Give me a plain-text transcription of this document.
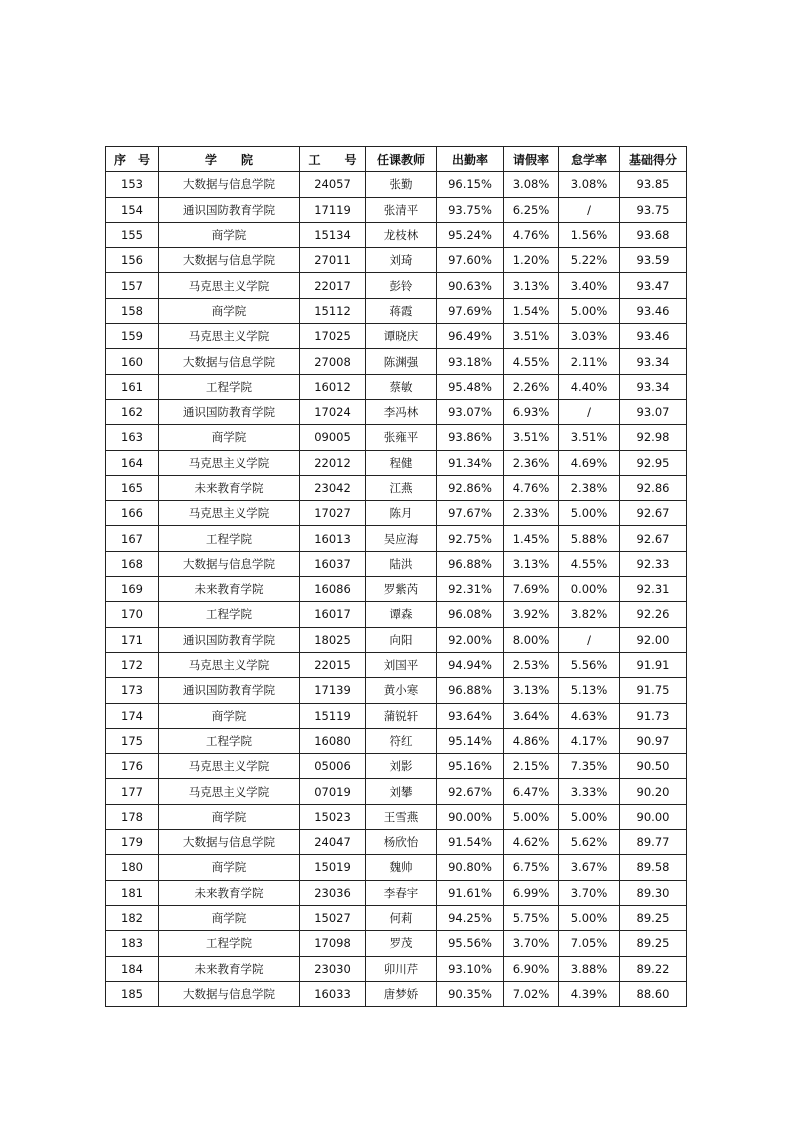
序　号	学　　院	工　　号	任课教师	出勤率	请假率	怠学率	基础得分
153	大数据与信息学院	24057	张勤	96.15%	3.08%	3.08%	93.85
154	通识国防教育学院	17119	张清平	93.75%	6.25%	/	93.75
155	商学院	15134	龙枝林	95.24%	4.76%	1.56%	93.68
156	大数据与信息学院	27011	刘琦	97.60%	1.20%	5.22%	93.59
157	马克思主义学院	22017	彭铃	90.63%	3.13%	3.40%	93.47
158	商学院	15112	蒋霞	97.69%	1.54%	5.00%	93.46
159	马克思主义学院	17025	谭晓庆	96.49%	3.51%	3.03%	93.46
160	大数据与信息学院	27008	陈渊强	93.18%	4.55%	2.11%	93.34
161	工程学院	16012	蔡敏	95.48%	2.26%	4.40%	93.34
162	通识国防教育学院	17024	李冯林	93.07%	6.93%	/	93.07
163	商学院	09005	张雍平	93.86%	3.51%	3.51%	92.98
164	马克思主义学院	22012	程健	91.34%	2.36%	4.69%	92.95
165	未来教育学院	23042	江燕	92.86%	4.76%	2.38%	92.86
166	马克思主义学院	17027	陈月	97.67%	2.33%	5.00%	92.67
167	工程学院	16013	吴应海	92.75%	1.45%	5.88%	92.67
168	大数据与信息学院	16037	陆洪	96.88%	3.13%	4.55%	92.33
169	未来教育学院	16086	罗紫芮	92.31%	7.69%	0.00%	92.31
170	工程学院	16017	谭森	96.08%	3.92%	3.82%	92.26
171	通识国防教育学院	18025	向阳	92.00%	8.00%	/	92.00
172	马克思主义学院	22015	刘国平	94.94%	2.53%	5.56%	91.91
173	通识国防教育学院	17139	黄小寒	96.88%	3.13%	5.13%	91.75
174	商学院	15119	蒲锐轩	93.64%	3.64%	4.63%	91.73
175	工程学院	16080	符红	95.14%	4.86%	4.17%	90.97
176	马克思主义学院	05006	刘影	95.16%	2.15%	7.35%	90.50
177	马克思主义学院	07019	刘攀	92.67%	6.47%	3.33%	90.20
178	商学院	15023	王雪燕	90.00%	5.00%	5.00%	90.00
179	大数据与信息学院	24047	杨欣怡	91.54%	4.62%	5.62%	89.77
180	商学院	15019	魏帅	90.80%	6.75%	3.67%	89.58
181	未来教育学院	23036	李春宇	91.61%	6.99%	3.70%	89.30
182	商学院	15027	何莉	94.25%	5.75%	5.00%	89.25
183	工程学院	17098	罗茂	95.56%	3.70%	7.05%	89.25
184	未来教育学院	23030	卯川芹	93.10%	6.90%	3.88%	89.22
185	大数据与信息学院	16033	唐梦娇	90.35%	7.02%	4.39%	88.60
